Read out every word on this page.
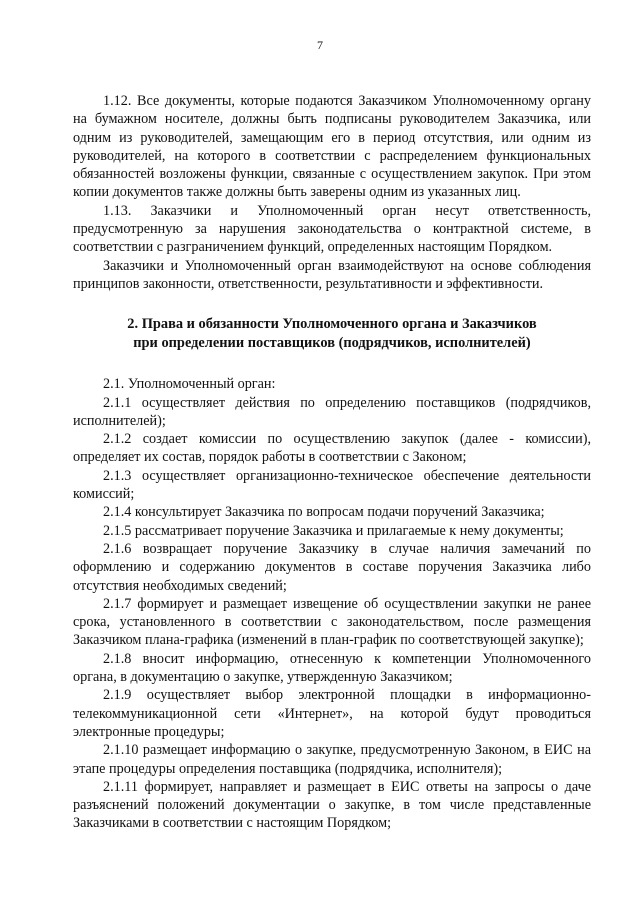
7

1.12. Все документы, которые подаются Заказчиком Уполномоченному органу на бумажном носителе, должны быть подписаны руководителем Заказчика, или одним из руководителей, замещающим его в период отсутствия, или одним из руководителей, на которого в соответствии с распределением функциональных обязанностей возложены функции, связанные с осуществлением закупок. При этом копии документов также должны быть заверены одним из указанных лиц.

1.13. Заказчики и Уполномоченный орган несут ответственность, предусмотренную за нарушения законодательства о контрактной системе, в соответствии с разграничением функций, определенных настоящим Порядком.

Заказчики и Уполномоченный орган взаимодействуют на основе соблюдения принципов законности, ответственности, результативности и эффективности.

2. Права и обязанности Уполномоченного органа и Заказчиков
при определении поставщиков (подрядчиков, исполнителей)

2.1. Уполномоченный орган:

2.1.1 осуществляет действия по определению поставщиков (подрядчиков, исполнителей);

2.1.2 создает комиссии по осуществлению закупок (далее - комиссии), определяет их состав, порядок работы в соответствии с Законом;

2.1.3 осуществляет организационно-техническое обеспечение деятельности комиссий;

2.1.4 консультирует Заказчика по вопросам подачи поручений Заказчика;

2.1.5 рассматривает поручение Заказчика и прилагаемые к нему документы;

2.1.6 возвращает поручение Заказчику в случае наличия замечаний по оформлению и содержанию документов в составе поручения Заказчика либо отсутствия необходимых сведений;

2.1.7 формирует и размещает извещение об осуществлении закупки не ранее срока, установленного в соответствии с законодательством, после размещения Заказчиком плана-графика (изменений в план-график по соответствующей закупке);

2.1.8 вносит информацию, отнесенную к компетенции Уполномоченного органа, в документацию о закупке, утвержденную Заказчиком;

2.1.9 осуществляет выбор электронной площадки в информационно-телекоммуникационной сети «Интернет», на которой будут проводиться электронные процедуры;

2.1.10 размещает информацию о закупке, предусмотренную Законом, в ЕИС на этапе процедуры определения поставщика (подрядчика, исполнителя);

2.1.11 формирует, направляет и размещает в ЕИС ответы на запросы о даче разъяснений положений документации о закупке, в том числе представленные Заказчиками в соответствии с настоящим Порядком;
